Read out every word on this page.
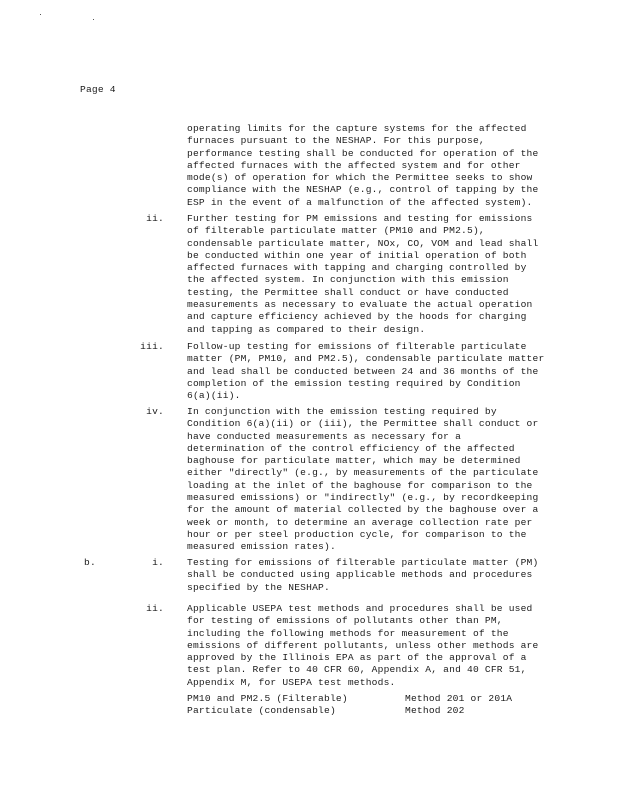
Page 4

operating limits for the capture systems for the affected
furnaces pursuant to the NESHAP. For this purpose,
performance testing shall be conducted for operation of the
affected furnaces with the affected system and for other
mode(s) of operation for which the Permittee seeks to show
compliance with the NESHAP (e.g., control of tapping by the
ESP in the event of a malfunction of the affected system).

ii. Further testing for PM emissions and testing for emissions
of filterable particulate matter (PM10 and PM2.5),
condensable particulate matter, NOx, CO, VOM and lead shall
be conducted within one year of initial operation of both
affected furnaces with tapping and charging controlled by
the affected system. In conjunction with this emission
testing, the Permittee shall conduct or have conducted
measurements as necessary to evaluate the actual operation
and capture efficiency achieved by the hoods for charging
and tapping as compared to their design.

iii. Follow-up testing for emissions of filterable particulate
matter (PM, PM10, and PM2.5), condensable particulate matter
and lead shall be conducted between 24 and 36 months of the
completion of the emission testing required by Condition
6(a)(ii).

iv. In conjunction with the emission testing required by
Condition 6(a)(ii) or (iii), the Permittee shall conduct or
have conducted measurements as necessary for a
determination of the control efficiency of the affected
baghouse for particulate matter, which may be determined
either "directly" (e.g., by measurements of the particulate
loading at the inlet of the baghouse for comparison to the
measured emissions) or "indirectly" (e.g., by recordkeeping
for the amount of material collected by the baghouse over a
week or month, to determine an average collection rate per
hour or per steel production cycle, for comparison to the
measured emission rates).

b.	i. Testing for emissions of filterable particulate matter (PM)
shall be conducted using applicable methods and procedures
specified by the NESHAP.

ii. Applicable USEPA test methods and procedures shall be used
for testing of emissions of pollutants other than PM,
including the following methods for measurement of the
emissions of different pollutants, unless other methods are
approved by the Illinois EPA as part of the approval of a
test plan. Refer to 40 CFR 60, Appendix A, and 40 CFR 51,
Appendix M, for USEPA test methods.

PM10 and PM2.5 (Filterable)	Method 201 or 201A
Particulate (condensable)	Method 202
